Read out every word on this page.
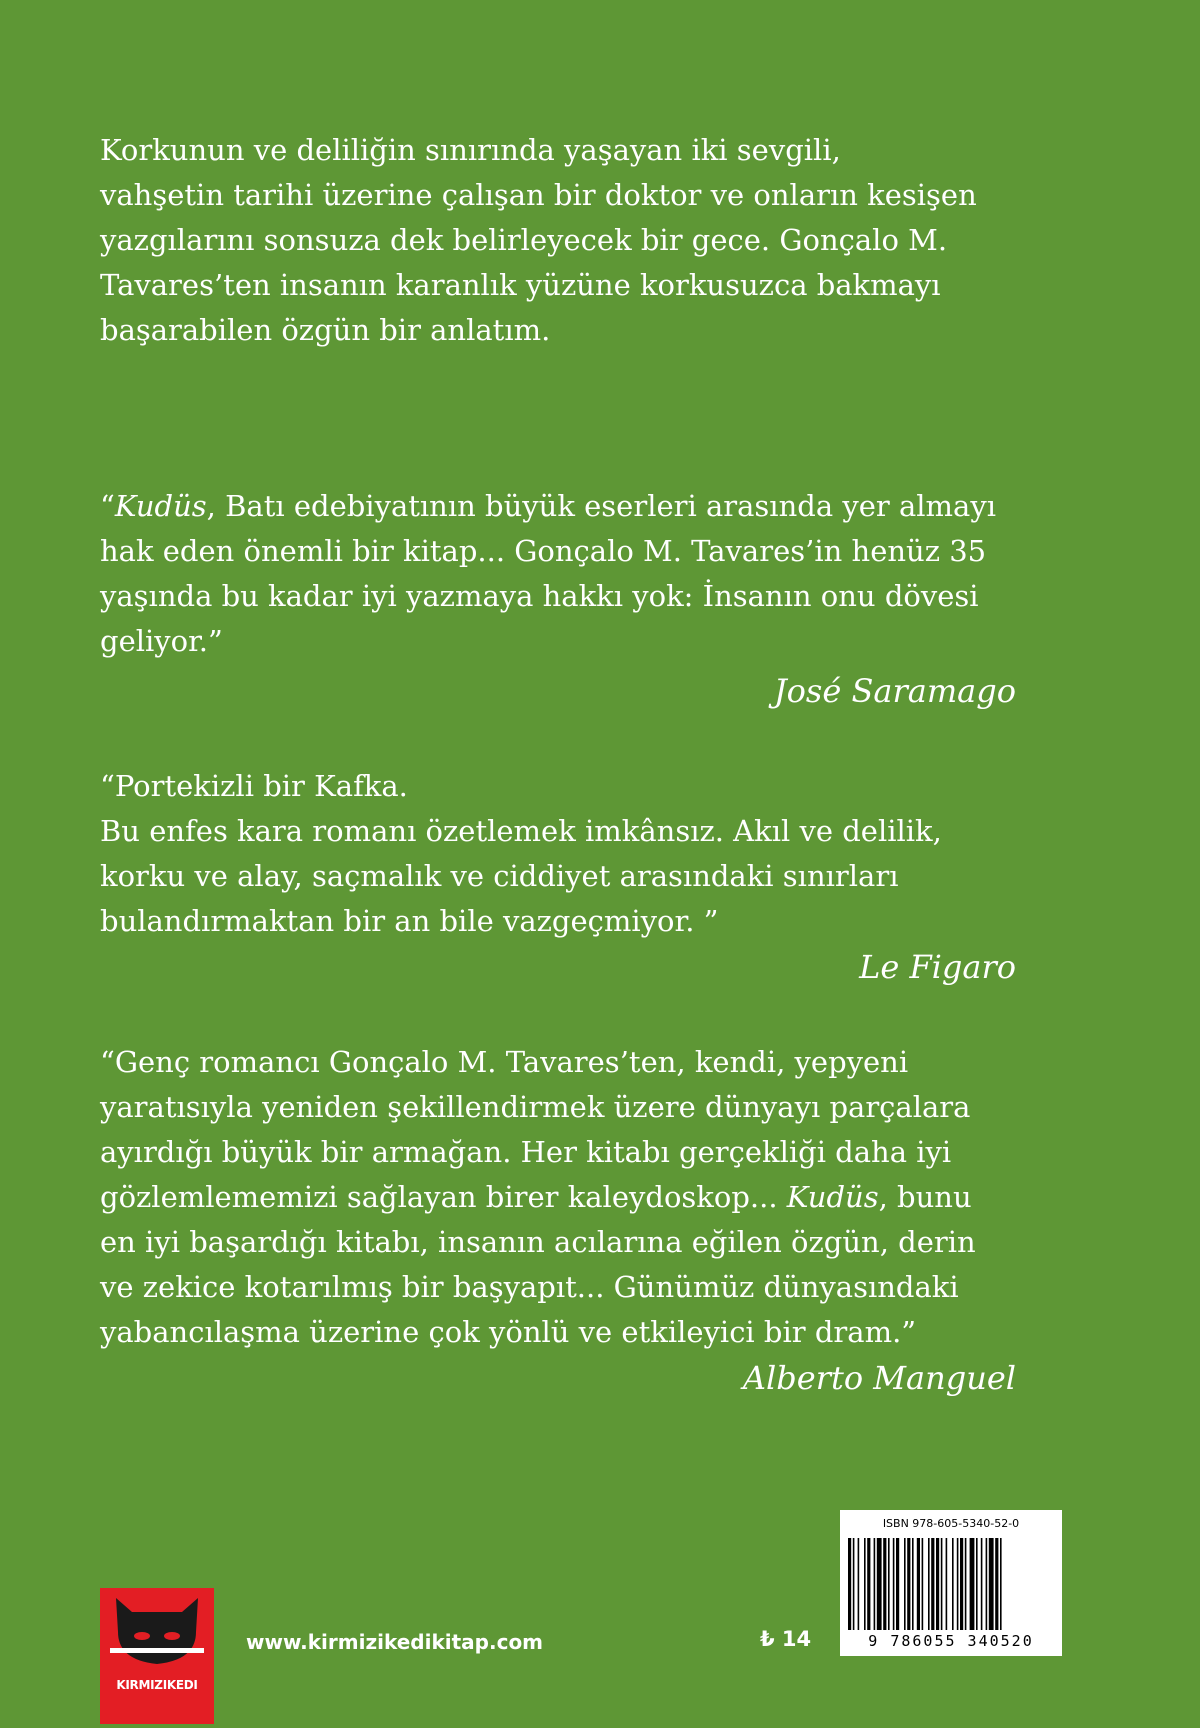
Korkunun ve deliliğin sınırında yaşayan iki sevgili,
vahşetin tarihi üzerine çalışan bir doktor ve onların kesişen
yazgılarını sonsuza dek belirleyecek bir gece. Gonçalo M.
Tavares’ten insanın karanlık yüzüne korkusuzca bakmayı
başarabilen özgün bir anlatım.
“Kudüs, Batı edebiyatının büyük eserleri arasında yer almayı
hak eden önemli bir kitap... Gonçalo M. Tavares’in henüz 35
yaşında bu kadar iyi yazmaya hakkı yok: İnsanın onu dövesi
geliyor.”
José Saramago
“Portekizli bir Kafka.
Bu enfes kara romanı özetlemek imkânsız. Akıl ve delilik,
korku ve alay, saçmalık ve ciddiyet arasındaki sınırları
bulandırmaktan bir an bile vazgeçmiyor. ”
Le Figaro
“Genç romancı Gonçalo M. Tavares’ten, kendi, yepyeni
yaratısıyla yeniden şekillendirmek üzere dünyayı parçalara
ayırdığı büyük bir armağan. Her kitabı gerçekliği daha iyi
gözlemlememizi sağlayan birer kaleydoskop... Kudüs, bunu
en iyi başardığı kitabı, insanın acılarına eğilen özgün, derin
ve zekice kotarılmış bir başyapıt... Günümüz dünyasındaki
yabancılaşma üzerine çok yönlü ve etkileyici bir dram.”
Alberto Manguel
KIRMIZIKEDI
www.kirmizikedikitap.com	₺ 14
ISBN 978-605-5340-52-0
9 786055 340520
